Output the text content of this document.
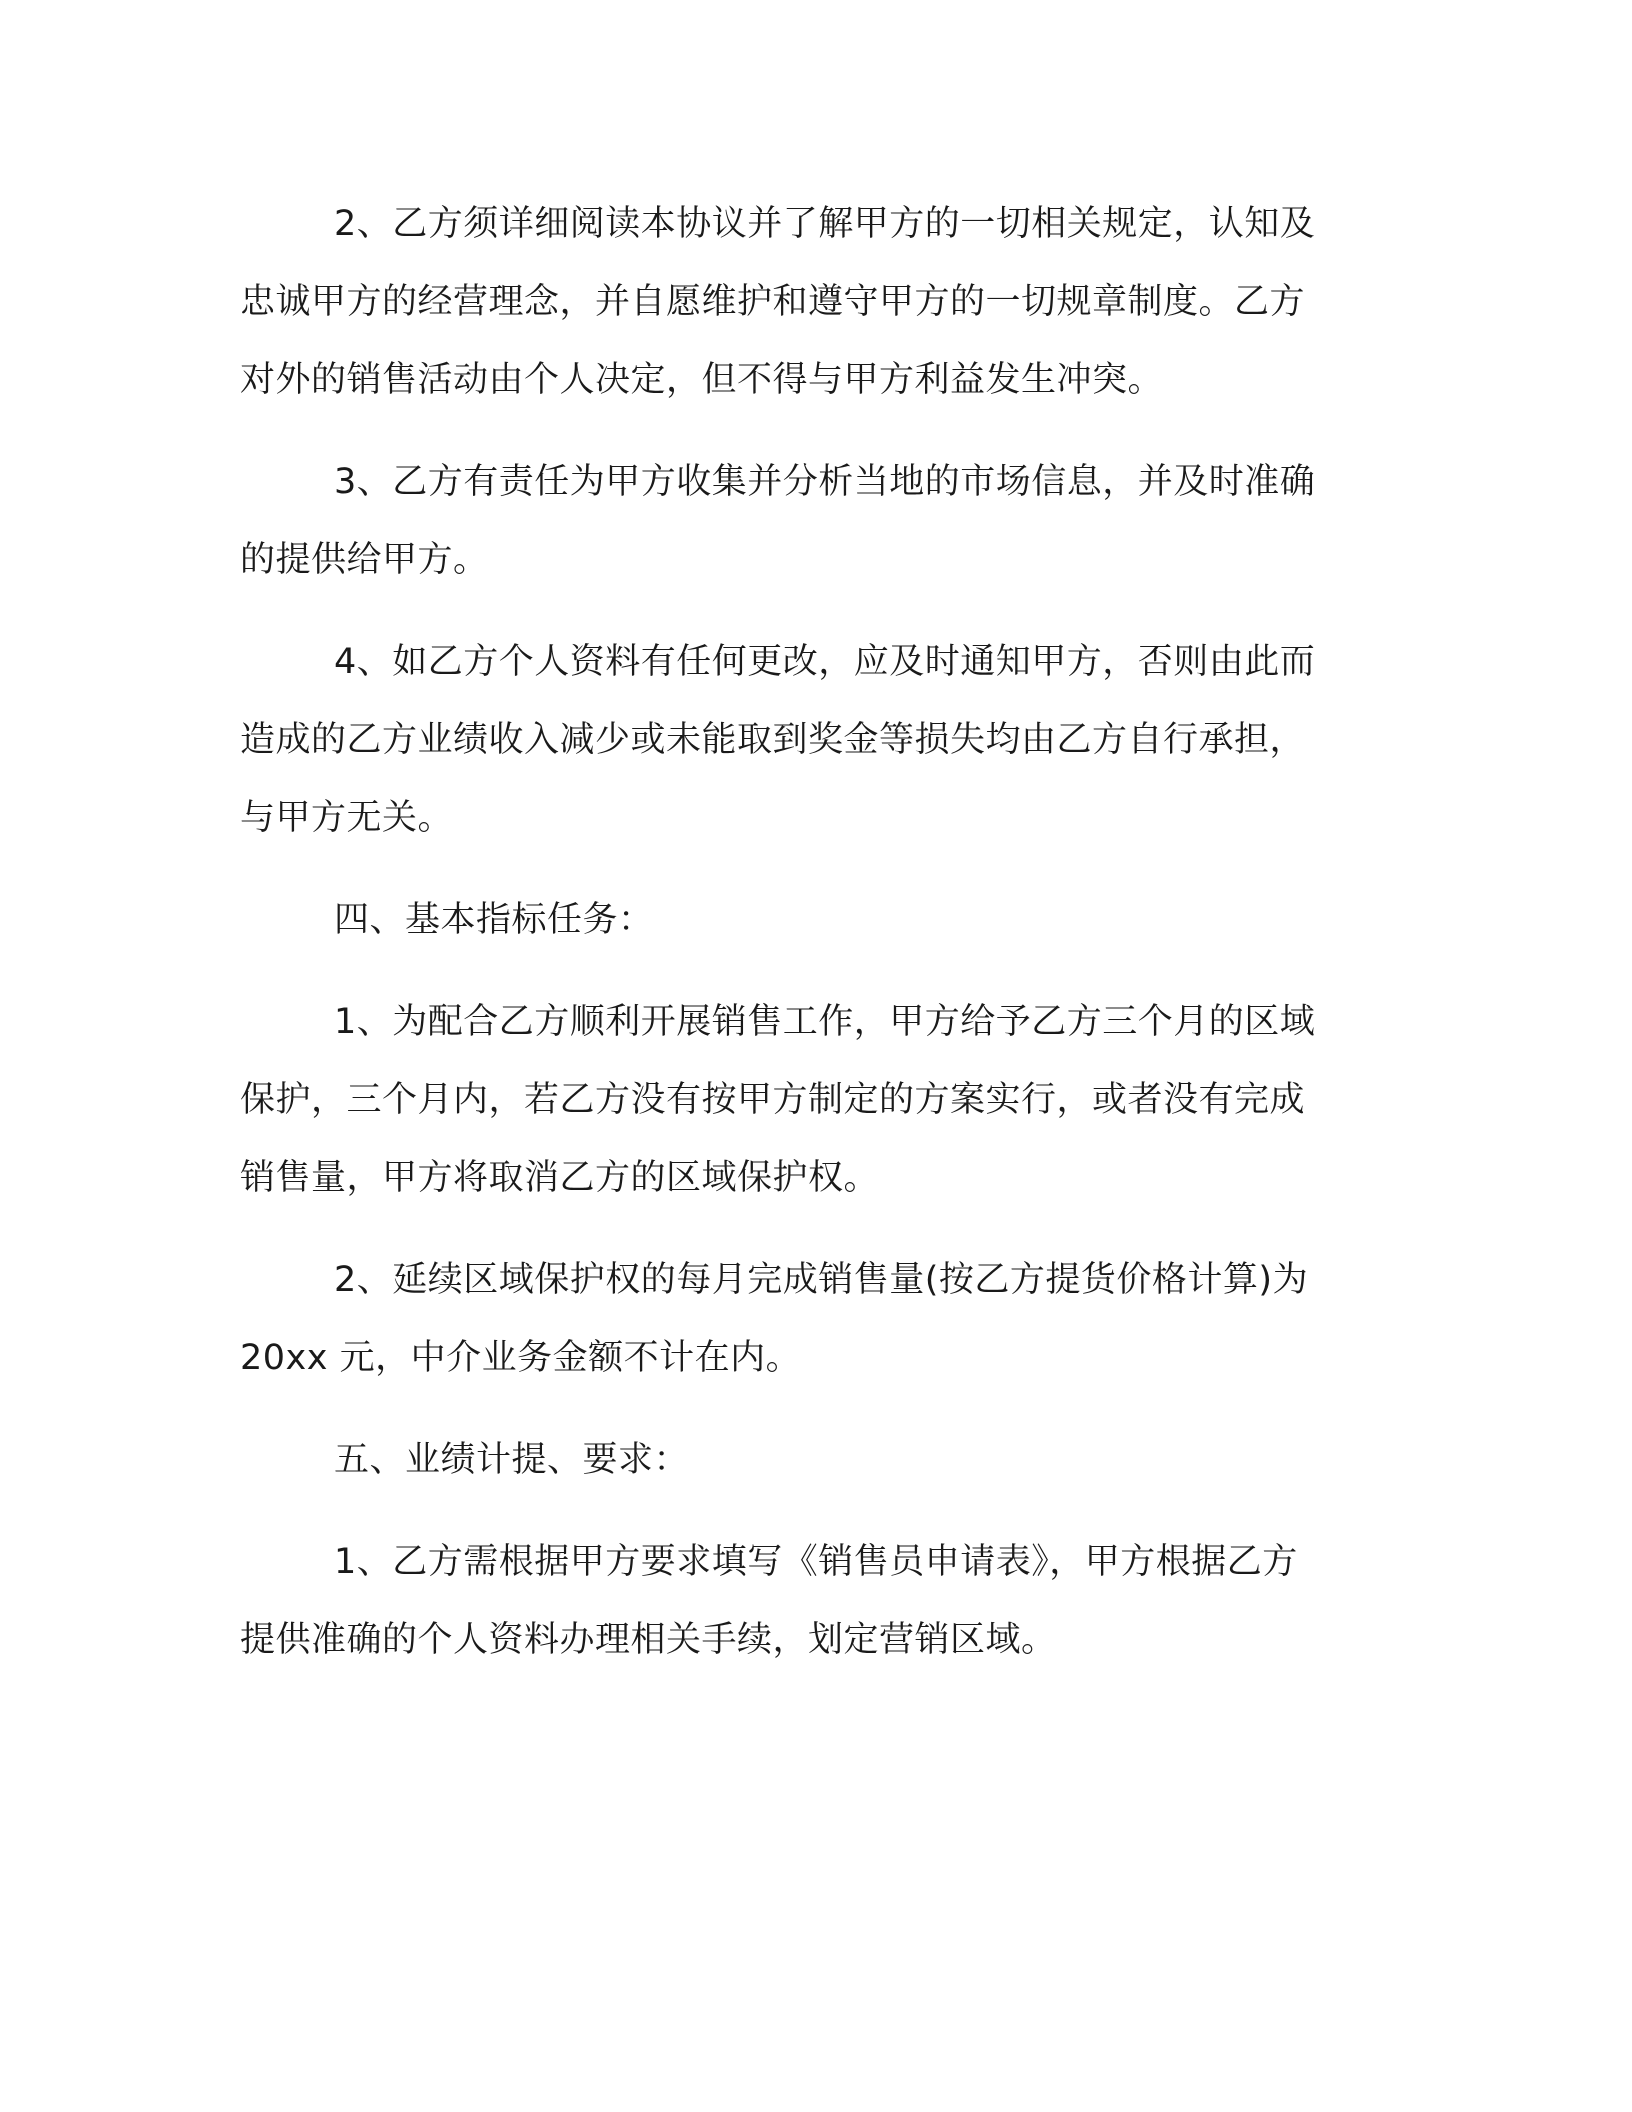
2、乙方须详细阅读本协议并了解甲方的一切相关规定，认知及
忠诚甲方的经营理念，并自愿维护和遵守甲方的一切规章制度。乙方
对外的销售活动由个人决定，但不得与甲方利益发生冲突。

3、乙方有责任为甲方收集并分析当地的市场信息，并及时准确
的提供给甲方。

4、如乙方个人资料有任何更改，应及时通知甲方，否则由此而
造成的乙方业绩收入减少或未能取到奖金等损失均由乙方自行承担，
与甲方无关。

四、基本指标任务：

1、为配合乙方顺利开展销售工作，甲方给予乙方三个月的区域
保护，三个月内，若乙方没有按甲方制定的方案实行，或者没有完成
销售量，甲方将取消乙方的区域保护权。

2、延续区域保护权的每月完成销售量(按乙方提货价格计算)为
20xx 元，中介业务金额不计在内。

五、业绩计提、要求：

1、乙方需根据甲方要求填写《销售员申请表》，甲方根据乙方
提供准确的个人资料办理相关手续，划定营销区域。
